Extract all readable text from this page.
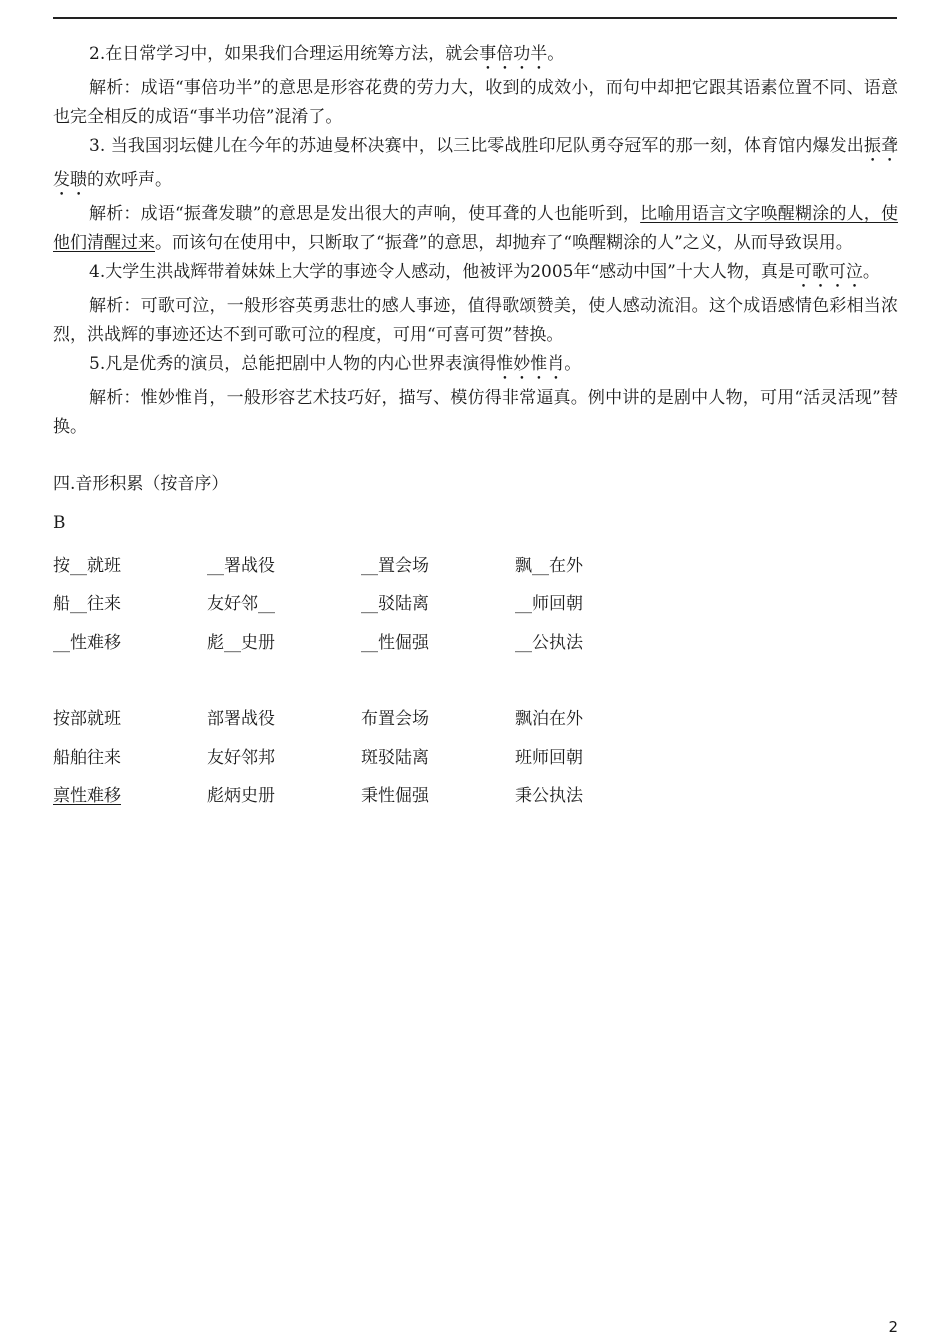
2.在日常学习中，如果我们合理运用统筹方法，就会事倍功半。

解析：成语“事倍功半”的意思是形容花费的劳力大，收到的成效小，而句中却把它跟其语素位置不同、语意也完全相反的成语“事半功倍”混淆了。

3. 当我国羽坛健儿在今年的苏迪曼杯决赛中，以三比零战胜印尼队勇夺冠军的那一刻，体育馆内爆发出振聋发聩的欢呼声。

解析：成语“振聋发聩”的意思是发出很大的声响，使耳聋的人也能听到，比喻用语言文字唤醒糊涂的人，使他们清醒过来。而该句在使用中，只断取了“振聋”的意思，却抛弃了“唤醒糊涂的人”之义，从而导致误用。

4.大学生洪战辉带着妹妹上大学的事迹令人感动，他被评为2005年“感动中国”十大人物，真是可歌可泣。

解析：可歌可泣，一般形容英勇悲壮的感人事迹，值得歌颂赞美，使人感动流泪。这个成语感情色彩相当浓烈，洪战辉的事迹还达不到可歌可泣的程度，可用“可喜可贺”替换。

5.凡是优秀的演员，总能把剧中人物的内心世界表演得惟妙惟肖。

解析：惟妙惟肖，一般形容艺术技巧好，描写、模仿得非常逼真。例中讲的是剧中人物，可用“活灵活现”替换。

四.音形积累（按音序）
B
按__就班	__署战役	__置会场	飘__在外
船__往来	友好邻__	__驳陆离	__师回朝
__性难移	彪__史册	__性倔强	__公执法
按部就班	部署战役	布置会场	飘泊在外
船舶往来	友好邻邦	斑驳陆离	班师回朝
禀性难移	彪炳史册	秉性倔强	秉公执法
2
